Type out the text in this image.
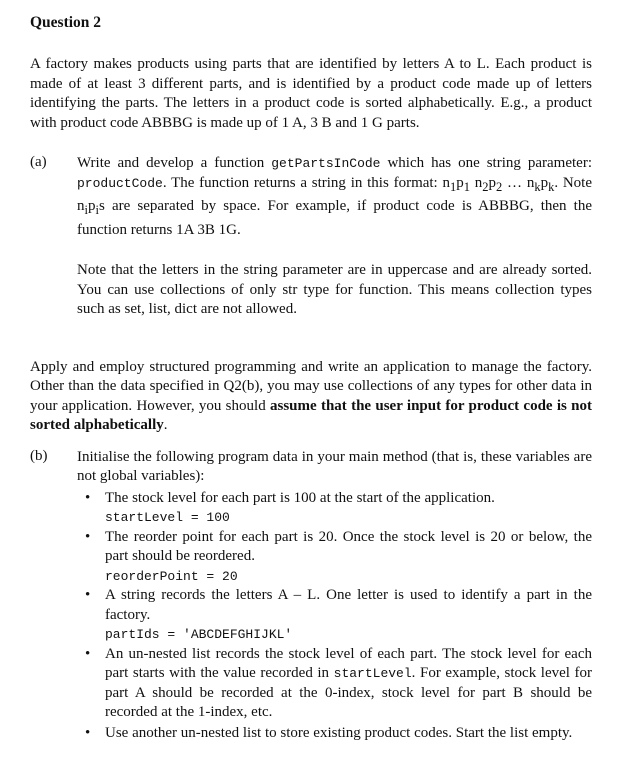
Question 2

A factory makes products using parts that are identified by letters A to L. Each product is made of at least 3 different parts, and is identified by a product code made up of letters identifying the parts. The letters in a product code is sorted alphabetically. E.g., a product with product code ABBBG is made up of 1 A, 3 B and 1 G parts.

(a) Write and develop a function getPartsInCode which has one string parameter: productCode. The function returns a string in this format: $n_1p_1$ $n_2p_2$ … $n_kp_k$. Note $n_ip_is$ are separated by space. For example, if product code is ABBBG, then the function returns 1A 3B 1G.

Note that the letters in the string parameter are in uppercase and are already sorted. You can use collections of only str type for function. This means collection types such as set, list, dict are not allowed.

Apply and employ structured programming and write an application to manage the factory. Other than the data specified in Q2(b), you may use collections of any types for other data in your application. However, you should assume that the user input for product code is not sorted alphabetically.

(b) Initialise the following program data in your main method (that is, these variables are not global variables):

• The stock level for each part is 100 at the start of the application.

startLevel = 100
• The reorder point for each part is 20. Once the stock level is 20 or below, the part should be reordered.

reorderPoint = 20
• A string records the letters A – L. One letter is used to identify a part in the factory.

partIds = 'ABCDEFGHIJKL'
• An un-nested list records the stock level of each part. The stock level for each part starts with the value recorded in startLevel. For example, stock level for part A should be recorded at the 0-index, stock level for part B should be recorded at the 1-index, etc.

• Use another un-nested list to store existing product codes. Start the list empty.
